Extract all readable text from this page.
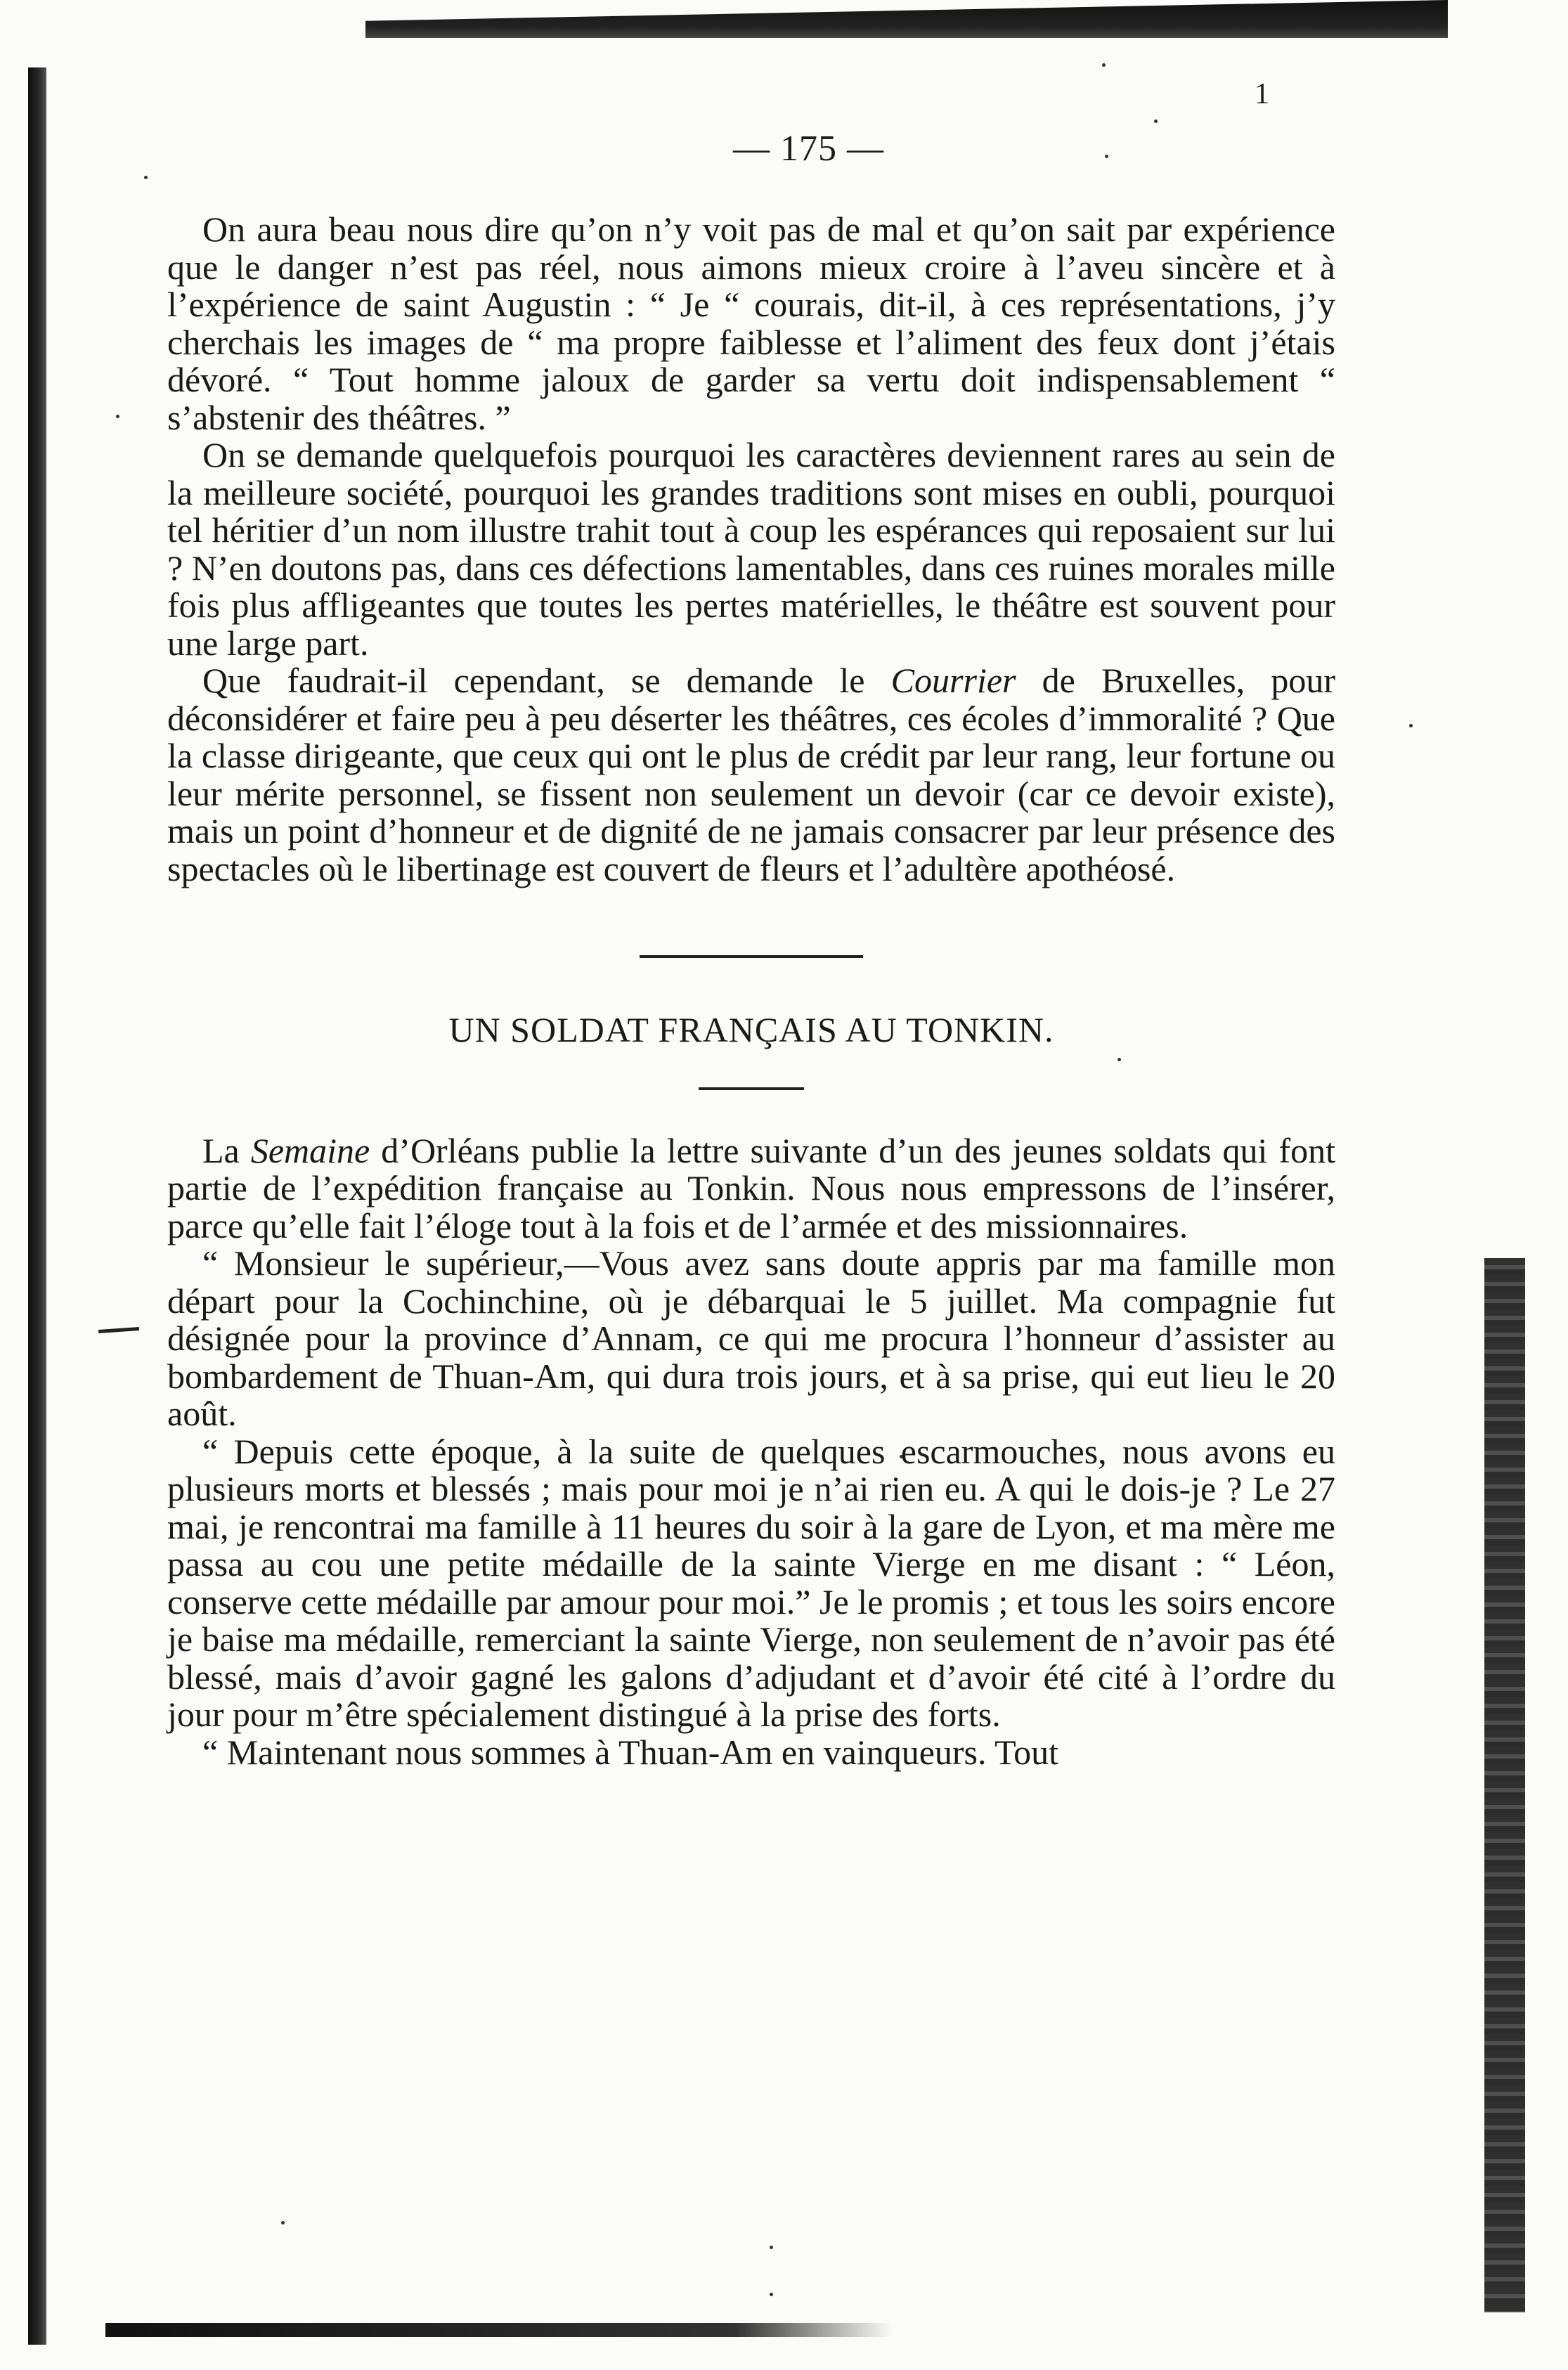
1
— 175 —

On aura beau nous dire qu’on n’y voit pas de mal et qu’on sait par expérience que le danger n’est pas réel, nous aimons mieux croire à l’aveu sincère et à l’expérience de saint Augustin : “ Je “ courais, dit-il, à ces représentations, j’y cherchais les images de “ ma propre faiblesse et l’aliment des feux dont j’étais dévoré. “ Tout homme jaloux de garder sa vertu doit indispensablement “ s’abstenir des théâtres. ”

On se demande quelquefois pourquoi les caractères deviennent rares au sein de la meilleure société, pourquoi les grandes traditions sont mises en oubli, pourquoi tel héritier d’un nom illustre trahit tout à coup les espérances qui reposaient sur lui ? N’en doutons pas, dans ces défections lamentables, dans ces ruines morales mille fois plus affligeantes que toutes les pertes matérielles, le théâtre est souvent pour une large part.

Que faudrait-il cependant, se demande le Courrier de Bruxelles, pour déconsidérer et faire peu à peu déserter les théâtres, ces écoles d’immoralité ? Que la classe dirigeante, que ceux qui ont le plus de crédit par leur rang, leur fortune ou leur mérite personnel, se fissent non seulement un devoir (car ce devoir existe), mais un point d’honneur et de dignité de ne jamais consacrer par leur présence des spectacles où le libertinage est couvert de fleurs et l’adultère apothéosé.

UN SOLDAT FRANÇAIS AU TONKIN.

La Semaine d’Orléans publie la lettre suivante d’un des jeunes soldats qui font partie de l’expédition française au Tonkin. Nous nous empressons de l’insérer, parce qu’elle fait l’éloge tout à la fois et de l’armée et des missionnaires.

“ Monsieur le supérieur,—Vous avez sans doute appris par ma famille mon départ pour la Cochinchine, où je débarquai le 5 juillet. Ma compagnie fut désignée pour la province d’Annam, ce qui me procura l’honneur d’assister au bombardement de Thuan-Am, qui dura trois jours, et à sa prise, qui eut lieu le 20 août.

“ Depuis cette époque, à la suite de quelques escarmouches, nous avons eu plusieurs morts et blessés ; mais pour moi je n’ai rien eu. A qui le dois-je ? Le 27 mai, je rencontrai ma famille à 11 heures du soir à la gare de Lyon, et ma mère me passa au cou une petite médaille de la sainte Vierge en me disant : “ Léon, conserve cette médaille par amour pour moi.” Je le promis ; et tous les soirs encore je baise ma médaille, remerciant la sainte Vierge, non seulement de n’avoir pas été blessé, mais d’avoir gagné les galons d’adjudant et d’avoir été cité à l’ordre du jour pour m’être spécialement distingué à la prise des forts.

“ Maintenant nous sommes à Thuan-Am en vainqueurs. Tout
